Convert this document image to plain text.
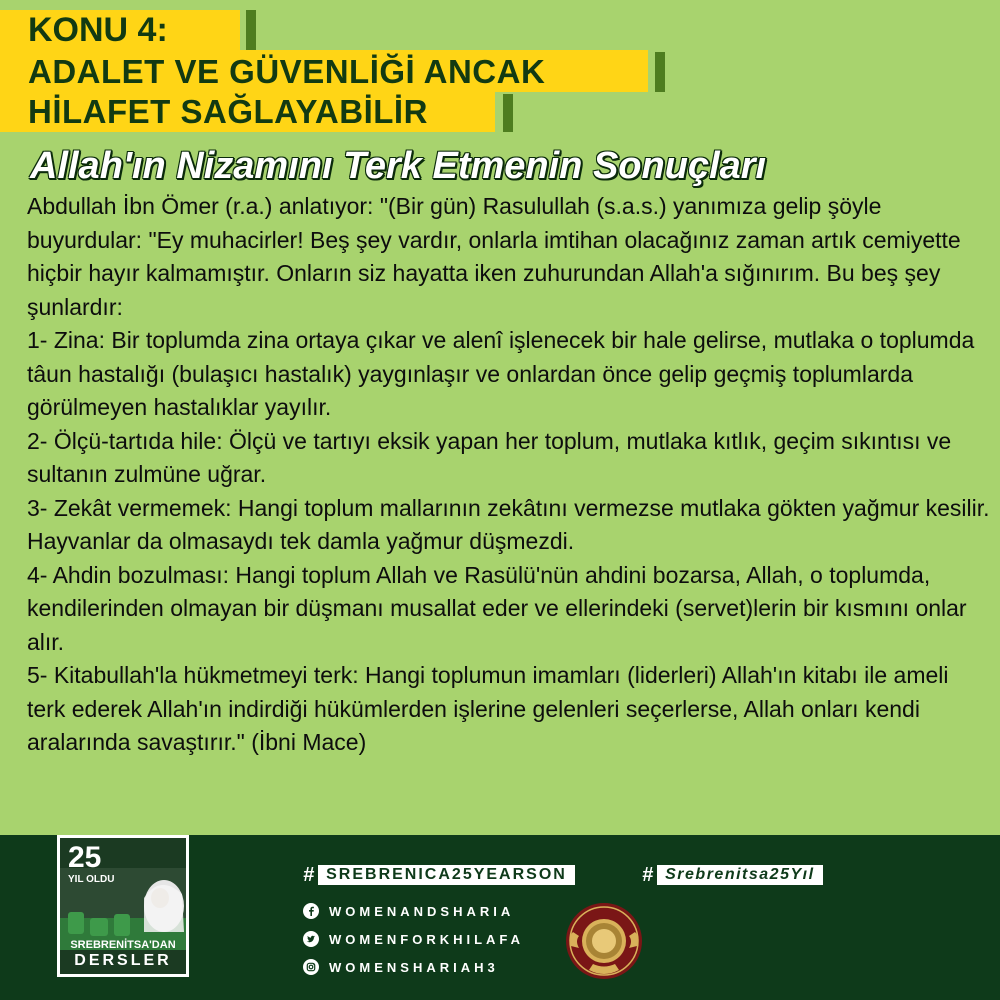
KONU 4:
ADALET VE GÜVENLİĞİ ANCAK
HİLAFET SAĞLAYABİLİR
Allah'ın Nizamını Terk Etmenin Sonuçları

Abdullah İbn Ömer (r.a.) anlatıyor: "(Bir gün) Rasulullah (s.a.s.) yanımıza gelip şöyle buyurdular: "Ey muhacirler! Beş şey vardır, onlarla imtihan olacağınız zaman artık cemiyette hiçbir hayır kalmamıştır. Onların siz hayatta iken zuhurundan Allah'a sığınırım. Bu beş şey şunlardır:

1- Zina: Bir toplumda zina ortaya çıkar ve alenî işlenecek bir hale gelirse, mutlaka o toplumda tâun hastalığı (bulaşıcı hastalık) yaygınlaşır ve onlardan önce gelip geçmiş toplumlarda görülmeyen hastalıklar yayılır.

2- Ölçü-tartıda hile: Ölçü ve tartıyı eksik yapan her toplum, mutlaka kıtlık, geçim sıkıntısı ve sultanın zulmüne uğrar.

3- Zekât vermemek: Hangi toplum mallarının zekâtını vermezse mutlaka gökten yağmur kesilir. Hayvanlar da olmasaydı tek damla yağmur düşmezdi.

4- Ahdin bozulması: Hangi toplum Allah ve Rasülü'nün ahdini bozarsa, Allah, o toplumda, kendilerinden olmayan bir düşmanı musallat eder ve ellerindeki (servet)lerin bir kısmını onlar alır.

5- Kitabullah'la hükmetmeyi terk: Hangi toplumun imamları (liderleri) Allah'ın kitabı ile ameli terk ederek Allah'ın indirdiği hükümlerden işlerine gelenleri seçerlerse, Allah onları kendi aralarında savaştırır." (İbni Mace)

25
YIL OLDU
SREBRENİTSA'DAN
DERSLER
# SREBRENICA25YEARSON	# Srebrenitsa25Yıl
WOMENANDSHARIA
WOMENFORKHILAFA
WOMENSHARIAH3
